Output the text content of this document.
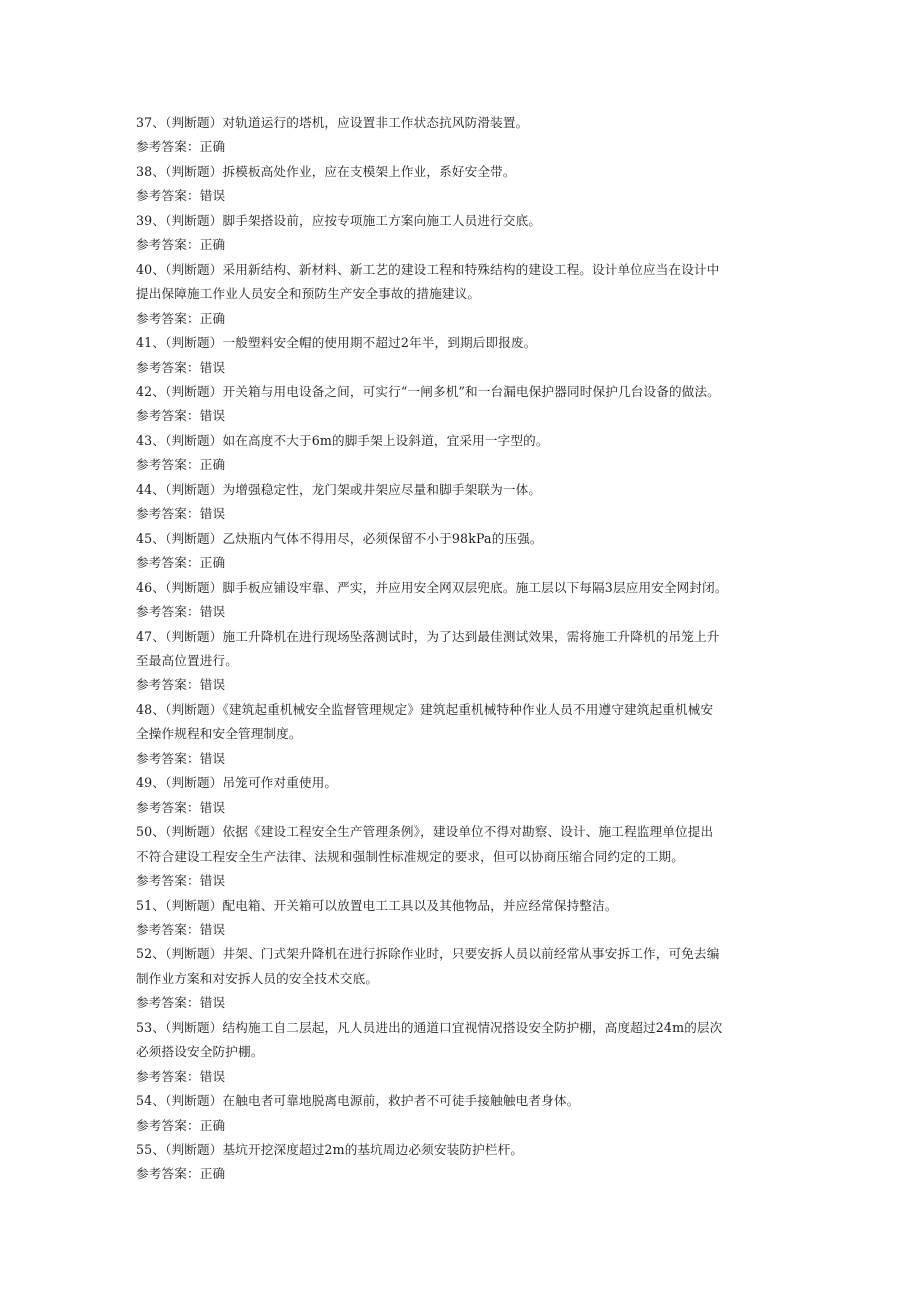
37、（判断题）对轨道运行的塔机，应设置非工作状态抗风防滑装置。
参考答案：正确
38、（判断题）拆模板高处作业，应在支模架上作业，系好安全带。
参考答案：错误
39、（判断题）脚手架搭设前，应按专项施工方案向施工人员进行交底。
参考答案：正确
40、（判断题）采用新结构、新材料、新工艺的建设工程和特殊结构的建设工程。设计单位应当在设计中
提出保障施工作业人员安全和预防生产安全事故的措施建议。
参考答案：正确
41、（判断题）一般塑料安全帽的使用期不超过2年半，到期后即报废。
参考答案：错误
42、（判断题）开关箱与用电设备之间，可实行“一闸多机”和一台漏电保护器同时保护几台设备的做法。
参考答案：错误
43、（判断题）如在高度不大于6m的脚手架上设斜道，宜采用一字型的。
参考答案：正确
44、（判断题）为增强稳定性，龙门架或井架应尽量和脚手架联为一体。
参考答案：错误
45、（判断题）乙炔瓶内气体不得用尽，必须保留不小于98kPa的压强。
参考答案：正确
46、（判断题）脚手板应铺设牢靠、严实，并应用安全网双层兜底。施工层以下每隔3层应用安全网封闭。
参考答案：错误
47、（判断题）施工升降机在进行现场坠落测试时，为了达到最佳测试效果，需将施工升降机的吊笼上升
至最高位置进行。
参考答案：错误
48、（判断题）《建筑起重机械安全监督管理规定》建筑起重机械特种作业人员不用遵守建筑起重机械安
全操作规程和安全管理制度。
参考答案：错误
49、（判断题）吊笼可作对重使用。
参考答案：错误
50、（判断题）依据《建设工程安全生产管理条例》，建设单位不得对勘察、设计、施工程监理单位提出
不符合建设工程安全生产法律、法规和强制性标准规定的要求，但可以协商压缩合同约定的工期。
参考答案：错误
51、（判断题）配电箱、开关箱可以放置电工工具以及其他物品，并应经常保持整洁。
参考答案：错误
52、（判断题）井架、门式架升降机在进行拆除作业时，只要安拆人员以前经常从事安拆工作，可免去编
制作业方案和对安拆人员的安全技术交底。
参考答案：错误
53、（判断题）结构施工自二层起，凡人员进出的通道口宜视情况搭设安全防护棚，高度超过24m的层次
必须搭设安全防护棚。
参考答案：错误
54、（判断题）在触电者可靠地脱离电源前，救护者不可徒手接触触电者身体。
参考答案：正确
55、（判断题）基坑开挖深度超过2m的基坑周边必须安装防护栏杆。
参考答案：正确
